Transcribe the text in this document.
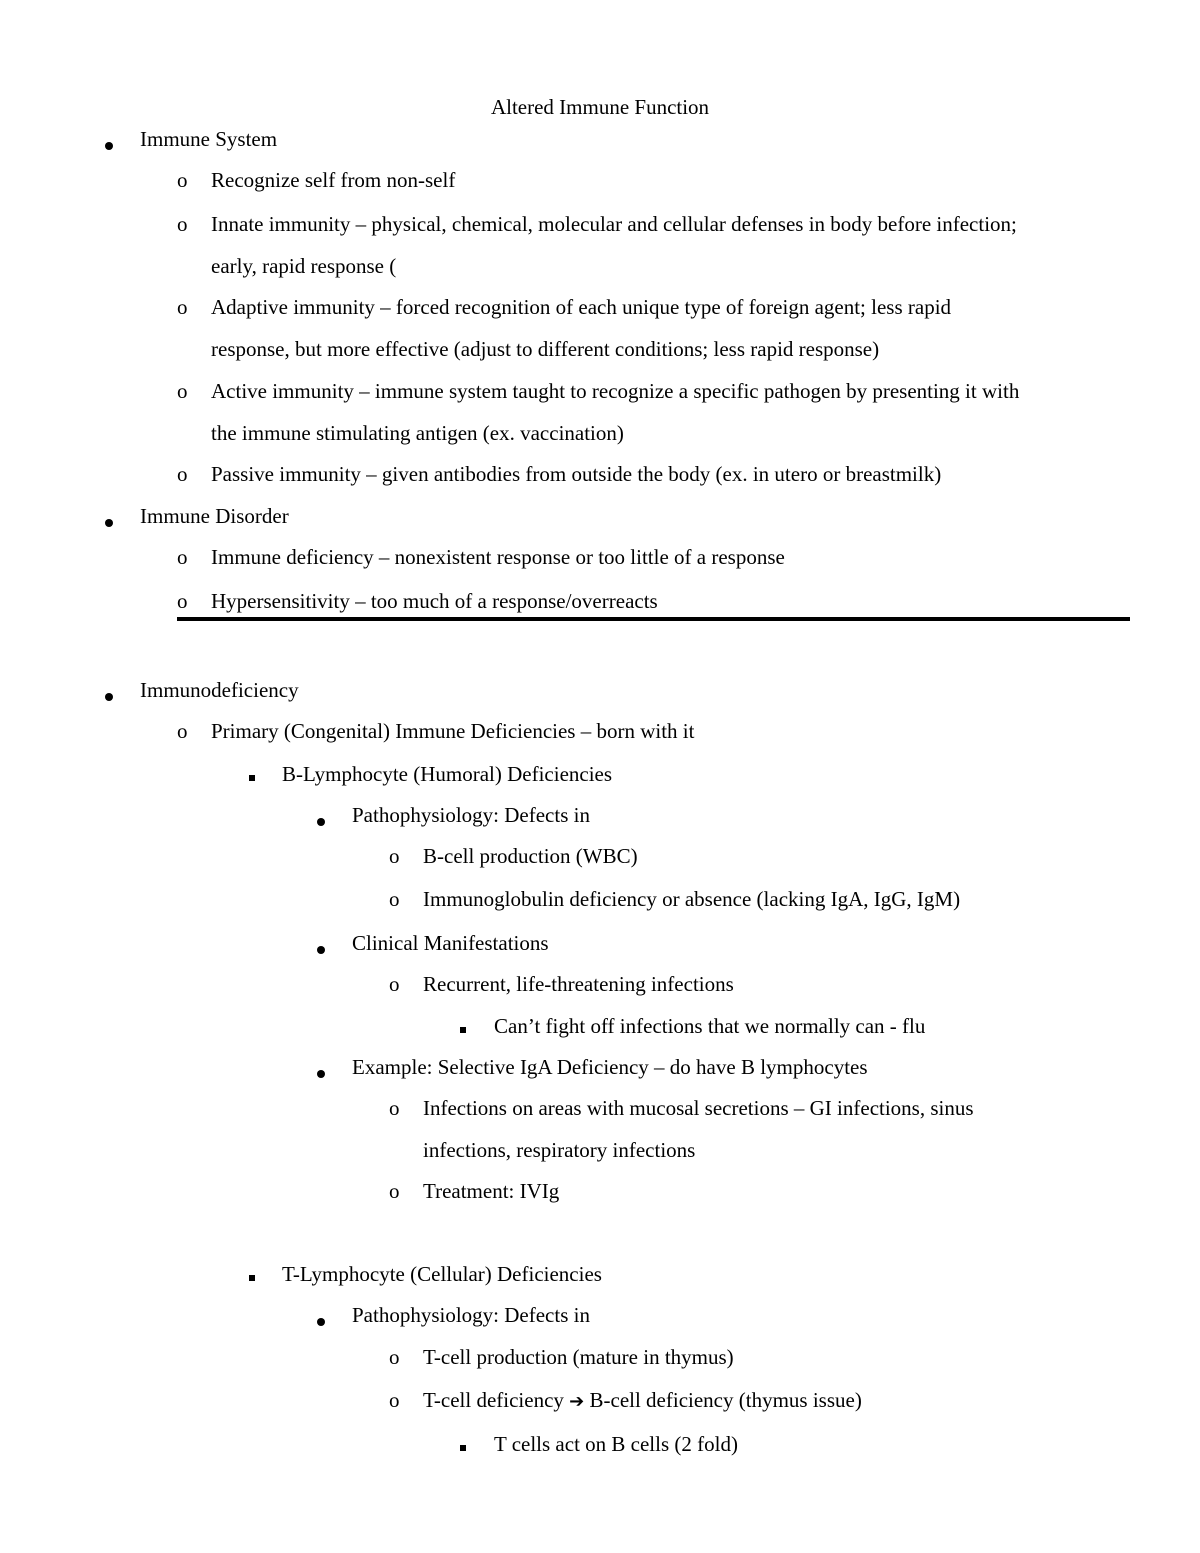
Altered Immune Function
Immune System
o Recognize self from non-self
o Innate immunity – physical, chemical, molecular and cellular defenses in body before infection;
early, rapid response (
o Adaptive immunity – forced recognition of each unique type of foreign agent; less rapid
response, but more effective (adjust to different conditions; less rapid response)
o Active immunity – immune system taught to recognize a specific pathogen by presenting it with
the immune stimulating antigen (ex. vaccination)
o Passive immunity – given antibodies from outside the body (ex. in utero or breastmilk)
Immune Disorder
o Immune deficiency – nonexistent response or too little of a response
o Hypersensitivity – too much of a response/overreacts
Immunodeficiency
o Primary (Congenital) Immune Deficiencies – born with it
B-Lymphocyte (Humoral) Deficiencies
Pathophysiology: Defects in
o B-cell production (WBC)
o Immunoglobulin deficiency or absence (lacking IgA, IgG, IgM)
Clinical Manifestations
o Recurrent, life-threatening infections
Can’t fight off infections that we normally can - flu
Example: Selective IgA Deficiency – do have B lymphocytes
o Infections on areas with mucosal secretions – GI infections, sinus
infections, respiratory infections
o Treatment: IVIg
T-Lymphocyte (Cellular) Deficiencies
Pathophysiology: Defects in
o T-cell production (mature in thymus)
o T-cell deficiency ➔ B-cell deficiency (thymus issue)
T cells act on B cells (2 fold)
